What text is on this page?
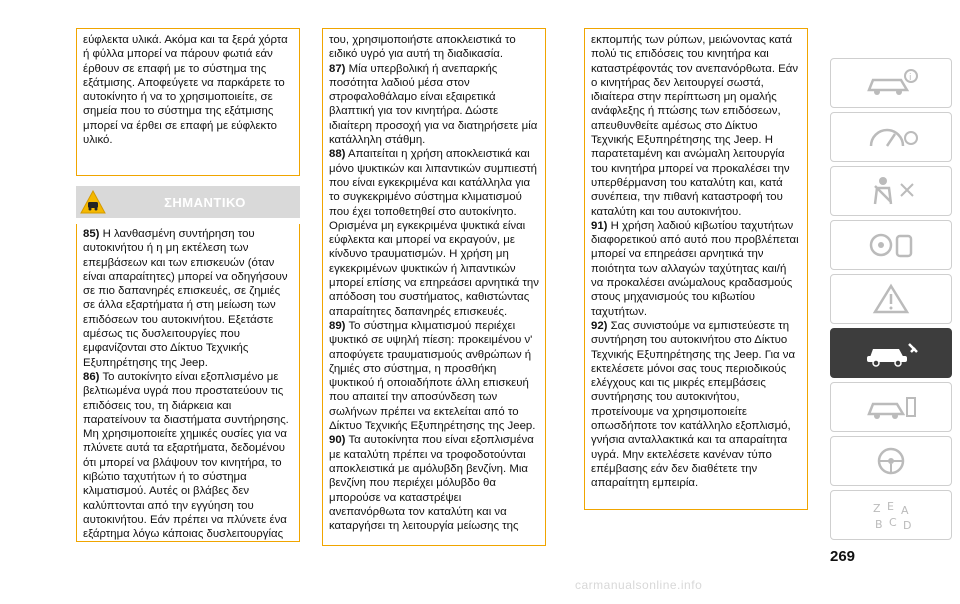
εύφλεκτα υλικά. Ακόμα και τα ξερά χόρτα ή φύλλα μπορεί να πάρουν φωτιά εάν έρθουν σε επαφή με το σύστημα της εξάτμισης. Αποφεύγετε να παρκάρετε το αυτοκίνητο ή να το χρησιμοποιείτε, σε σημεία που το σύστημα της εξάτμισης μπορεί να έρθει σε επαφή με εύφλεκτο υλικό.

ΣΗΜΑΝΤΙΚΟ

85) Η λανθασμένη συντήρηση του αυτοκινήτου ή η μη εκτέλεση των επεμβάσεων και των επισκευών (όταν είναι απαραίτητες) μπορεί να οδηγήσουν σε πιο δαπανηρές επισκευές, σε ζημιές σε άλλα εξαρτήματα ή στη μείωση των επιδόσεων του αυτοκινήτου. Εξετάστε αμέσως τις δυσλειτουργίες που εμφανίζονται στο Δίκτυο Τεχνικής Εξυπηρέτησης της Jeep.

86) Το αυτοκίνητο είναι εξοπλισμένο με βελτιωμένα υγρά που προστατεύουν τις επιδόσεις του, τη διάρκεια και παρατείνουν τα διαστήματα συντήρησης. Μη χρησιμοποιείτε χημικές ουσίες για να πλύνετε αυτά τα εξαρτήματα, δεδομένου ότι μπορεί να βλάψουν τον κινητήρα, το κιβώτιο ταχυτήτων ή το σύστημα κλιματισμού. Αυτές οι βλάβες δεν καλύπτονται από την εγγύηση του αυτοκινήτου. Εάν πρέπει να πλύνετε ένα εξάρτημα λόγω κάποιας δυσλειτουργίας

του, χρησιμοποιήστε αποκλειστικά το ειδικό υγρό για αυτή τη διαδικασία.

87) Μία υπερβολική ή ανεπαρκής ποσότητα λαδιού μέσα στον στροφαλοθάλαμο είναι εξαιρετικά βλαπτική για τον κινητήρα. Δώστε ιδιαίτερη προσοχή για να διατηρήσετε μία κατάλληλη στάθμη.

88) Απαιτείται η χρήση αποκλειστικά και μόνο ψυκτικών και λιπαντικών συμπιεστή που είναι εγκεκριμένα και κατάλληλα για το συγκεκριμένο σύστημα κλιματισμού που έχει τοποθετηθεί στο αυτοκίνητο. Ορισμένα μη εγκεκριμένα ψυκτικά είναι εύφλεκτα και μπορεί να εκραγούν, με κίνδυνο τραυματισμών. Η χρήση μη εγκεκριμένων ψυκτικών ή λιπαντικών μπορεί επίσης να επηρεάσει αρνητικά την απόδοση του συστήματος, καθιστώντας απαραίτητες δαπανηρές επισκευές.

89) Το σύστημα κλιματισμού περιέχει ψυκτικό σε υψηλή πίεση: προκειμένου ν' αποφύγετε τραυματισμούς ανθρώπων ή ζημιές στο σύστημα, η προσθήκη ψυκτικού ή οποιαδήποτε άλλη επισκευή που απαιτεί την αποσύνδεση των σωλήνων πρέπει να εκτελείται από το Δίκτυο Τεχνικής Εξυπηρέτησης της Jeep.

90) Τα αυτοκίνητα που είναι εξοπλισμένα με καταλύτη πρέπει να τροφοδοτούνται αποκλειστικά με αμόλυβδη βενζίνη. Μια βενζίνη που περιέχει μόλυβδο θα μπορούσε να καταστρέψει ανεπανόρθωτα τον καταλύτη και να καταργήσει τη λειτουργία μείωσης της

εκπομπής των ρύπων, μειώνοντας κατά πολύ τις επιδόσεις του κινητήρα και καταστρέφοντάς τον ανεπανόρθωτα. Εάν ο κινητήρας δεν λειτουργεί σωστά, ιδιαίτερα στην περίπτωση μη ομαλής ανάφλεξης ή πτώσης των επιδόσεων, απευθυνθείτε αμέσως στο Δίκτυο Τεχνικής Εξυπηρέτησης της Jeep. Η παρατεταμένη και ανώμαλη λειτουργία του κινητήρα μπορεί να προκαλέσει την υπερθέρμανση του καταλύτη και, κατά συνέπεια, την πιθανή καταστροφή του καταλύτη και του αυτοκινήτου.

91) Η χρήση λαδιού κιβωτίου ταχυτήτων διαφορετικού από αυτό που προβλέπεται μπορεί να επηρεάσει αρνητικά την ποιότητα των αλλαγών ταχύτητας και/ή να προκαλέσει ανώμαλους κραδασμούς στους μηχανισμούς του κιβωτίου ταχυτήτων.

92) Σας συνιστούμε να εμπιστεύεστε τη συντήρηση του αυτοκινήτου στο Δίκτυο Τεχνικής Εξυπηρέτησης της Jeep. Για να εκτελέσετε μόνοι σας τους περιοδικούς ελέγχους και τις μικρές επεμβάσεις συντήρησης του αυτοκινήτου, προτείνουμε να χρησιμοποιείτε οπωσδήποτε τον κατάλληλο εξοπλισμό, γνήσια ανταλλακτικά και τα απαραίτητα υγρά. Μην εκτελέσετε κανέναν τύπο επέμβασης εάν δεν διαθέτετε την απαραίτητη εμπειρία.

i
Z E A
B C D
269
carmanualsonline.info
